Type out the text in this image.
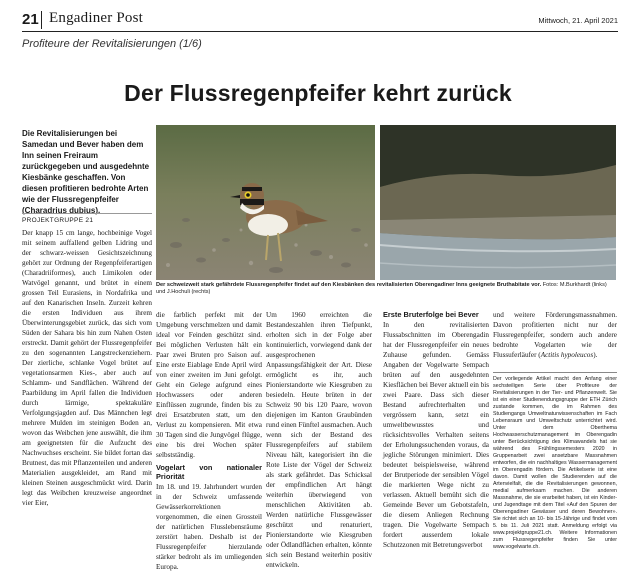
21 Engadiner Post	Mittwoch, 21. April 2021
Profiteure der Revitalisierungen (1/6)
Der Flussregenpfeifer kehrt zurück
Die Revitalisierungen bei Samedan und Bever haben dem Inn seinen Freiraum zurückgegeben und ausgedehnte Kiesbänke geschaffen. Von diesen profitieren bedrohte Arten wie der Flussregenpfeifer (Charadrius dubius).
PROJEKTGRUPPE 21
Der schweizweit stark gefährdete Flussregenpfeifer findet auf den Kiesbänken des revitalisierten Oberengadiner Inns geeignete Bruthabitate vor. Fotos: M.Burkhardt (links) und J.Hochuli (rechts)

Der knapp 15 cm lange, hochbeinige Vogel mit seinem auffallend gelben Lidring und der schwarz-weissen Gesichtszeichnung gehört zur Ordnung der Regenpfeiferartigen (Charadriiformes), auch Limikolen oder Watvögel genannt, und brütet in einem grossen Teil Eurasiens, in Nordafrika und auf den Kanarischen Inseln. Zurzeit kehren die ersten Individuen aus ihrem Überwinterungsgebiet zurück, das sich vom Süden der Sahara bis hin zum Nahen Osten erstreckt. Damit gehört der Flussregenpfeifer zu den sogenannten Langstreckenziehern. Der zierliche, schlanke Vogel brütet auf vegetationsarmen Kies-, aber auch auf Schlamm- und Sandflächen. Während der Paarbildung im April fallen die Individuen durch lärmige, spektakuläre Verfolgungsjagden auf. Das Männchen legt mehrere Mulden im steinigen Boden an, wovon das Weibchen jene auswählt, die ihm am geeignetsten für die Aufzucht des Nachwuchses erscheint. Sie bildet fortan das Brutnest, das mit Pflanzenteilen und anderen Materialien ausgekleidet, am Rand mit kleinen Steinen ausgeschmückt wird. Darin legt das Weibchen kreuzweise angeordnet vier Eier,

die farblich perfekt mit der Umgebung verschmelzen und damit ideal vor Feinden geschützt sind. Bei möglichen Verlusten hält ein Paar zwei Bruten pro Saison auf. Eine erste Eiablage Ende April wird von einer zweiten im Juni gefolgt. Geht ein Gelege aufgrund eines Hochwassers oder anderen Einflüssen zugrunde, finden bis zu drei Ersatzbruten statt, um den Verlust zu kompensieren. Mit etwa 30 Tagen sind die Jungvögel flügge, eine bis drei Wochen später selbstständig.

Vogelart von nationaler Priorität

Im 18. und 19. Jahrhundert wurden in der Schweiz umfassende Gewässerkorrektionen vorgenommen, die einen Grossteil der natürlichen Flusslebensräume zerstört haben. Deshalb ist der Flussregenpfeifer hierzulande stärker bedroht als im umliegenden Europa.

Um 1960 erreichten die Bestandeszahlen ihren Tiefpunkt, erholten sich in der Folge aber kontinuierlich, vorwiegend dank der ausgesprochenen Anpassungsfähigkeit der Art. Diese ermöglicht es ihr, auch Pionierstandorte wie Kiesgruben zu besiedeln. Heute brüten in der Schweiz 90 bis 120 Paare, wovon diejenigen im Kanton Graubünden rund einen Fünftel ausmachen. Auch wenn sich der Bestand des Flussregenpfeifers auf stabilem Niveau hält, kategorisiert ihn die Rote Liste der Vögel der Schweiz als stark gefährdet. Das Schicksal der empfindlichen Art hängt weiterhin überwiegend von menschlichen Aktivitäten ab. Werden natürliche Flussgewässer geschützt und renaturiert, Pionierstandorte wie Kiesgruben oder Ödlandflächen erhalten, könnte sich sein Bestand weiterhin positiv entwickeln.

Erste Bruterfolge bei Bever

In den revitalisierten Flussabschnitten im Oberengadin hat der Flussregenpfeifer ein neues Zuhause gefunden. Gemäss Angaben der Vogelwarte Sempach brüten auf den ausgedehnten Kiesflächen bei Bever aktuell ein bis zwei Paare. Dass sich dieser Bestand aufrechterhalten und vergrössern kann, setzt ein umweltbewusstes und rücksichtsvolles Verhalten seitens der Erholungssuchenden voraus, da jegliche Störungen minimiert. Dies bedeutet beispielsweise, während der Brutperiode der sensiblen Vögel die markierten Wege nicht zu verlassen. Aktuell bemüht sich die Gemeinde Bever um Gebotstafeln, die diesem Anliegen Rechnung tragen. Die Vogelwarte Sempach fordert ausserdem lokale Schutzzonen mit Betretungsverbot

und weitere Förderungsmassnahmen. Davon profitierten nicht nur der Flussregenpfeifer, sondern auch andere bedrohte Vogelarten wie der Flussuferläufer (Actitis hypoleucos).

Der vorliegende Artikel macht den Anfang einer sechsteiligen Serie über Profiteure der Revitalisierungen in der Tier- und Pflanzenwelt. Sie ist ein einer Studienendungsgruppe der ETH Zürich zustande kommen, die im Rahmen des Studiengangs Umweltnaturwissenschaften im Fach Lebensraum und Umweltschutz unterrichtet wird. Unter dem Oberthema Hochwasserschutzmanagement im Oberengadin unter Berücksichtigung des Klimawandels hat sie während des Frühlingssemesters 2020 in Gruppenarbeit zwei ansetzbare Massnahmen entworfen, die ein nachhaltiges Wassermanagement im Oberengadin fördern. Die Artikelserie ist eine davon. Damit wollen die Studierenden auf die Artenvielfalt, die die Revitalisierungen gewonnen, medial aufmerksam machen. Die anderen Massnahme, die sie erarbeitet haben, ist ein Kinder- und Jugendtage mit dem Titel «Auf den Spuren der Oberengadiner Gewässer und deren Bewohner». Sie richtet sich an 10- bis 15-Jährige und findet vom 5. bis 11. Juli 2021 statt. Anmeldung erfolgt via www.projektgruppe21.ch. Weitere Informationen zum Flussregenpfeifer finden Sie unter www.vogelwarte.ch.
